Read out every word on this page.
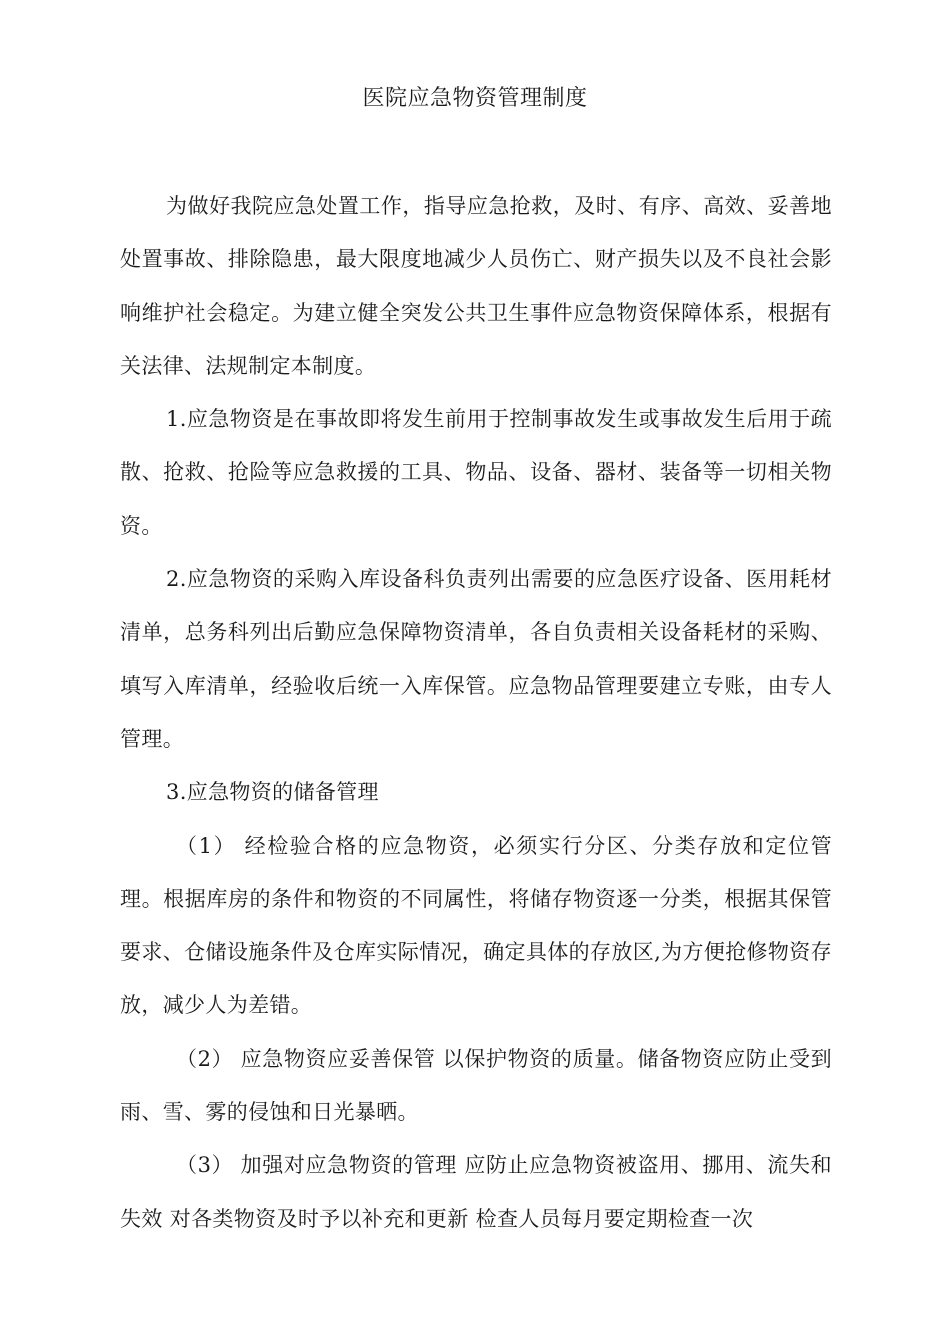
医院应急物资管理制度

为做好我院应急处置工作，指导应急抢救，及时、有序、高效、妥善地处置事故、排除隐患，最大限度地减少人员伤亡、财产损失以及不良社会影响维护社会稳定。为建立健全突发公共卫生事件应急物资保障体系，根据有关法律、法规制定本制度。

1.应急物资是在事故即将发生前用于控制事故发生或事故发生后用于疏散、抢救、抢险等应急救援的工具、物品、设备、器材、装备等一切相关物资。

2.应急物资的采购入库设备科负责列出需要的应急医疗设备、医用耗材清单，总务科列出后勤应急保障物资清单，各自负责相关设备耗材的采购、填写入库清单，经验收后统一入库保管。应急物品管理要建立专账，由专人管理。

3.应急物资的储备管理

（1） 经检验合格的应急物资，必须实行分区、分类存放和定位管理。根据库房的条件和物资的不同属性，将储存物资逐一分类，根据其保管要求、仓储设施条件及仓库实际情况，确定具体的存放区,为方便抢修物资存放，减少人为差错。

（2） 应急物资应妥善保管 以保护物资的质量。储备物资应防止受到雨、雪、雾的侵蚀和日光暴晒。

（3） 加强对应急物资的管理 应防止应急物资被盗用、挪用、流失和失效 对各类物资及时予以补充和更新 检查人员每月要定期检查一次
